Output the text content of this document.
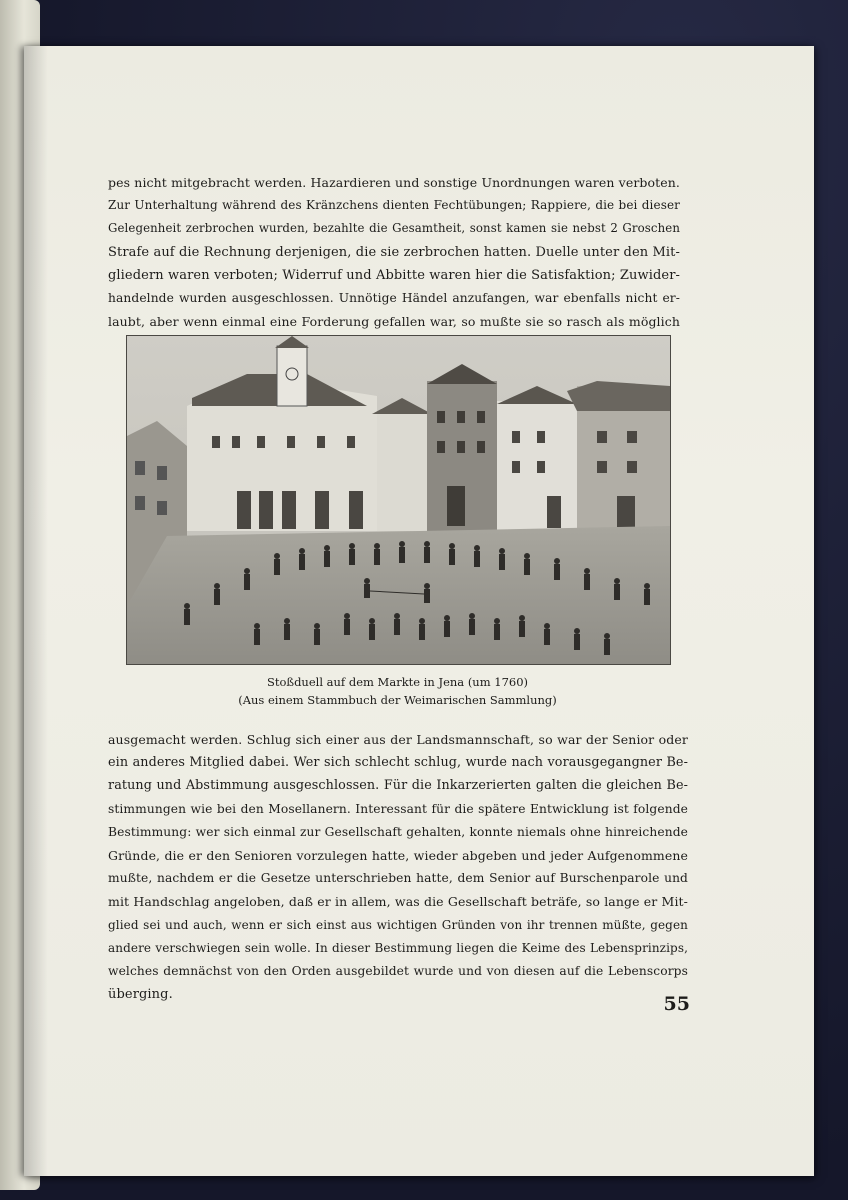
pes nicht mitgebracht werden. Hazardieren und sonstige Unordnungen waren verboten.
Zur Unterhaltung während des Kränzchens dienten Fechtübungen; Rappiere, die bei dieser
Gelegenheit zerbrochen wurden, bezahlte die Gesamtheit, sonst kamen sie nebst 2 Groschen
Strafe auf die Rechnung derjenigen, die sie zerbrochen hatten. Duelle unter den Mit-
gliedern waren verboten; Widerruf und Abbitte waren hier die Satisfaktion; Zuwider-
handelnde wurden ausgeschlossen. Unnötige Händel anzufangen, war ebenfalls nicht er-
laubt, aber wenn einmal eine Forderung gefallen war, so mußte sie so rasch als möglich
Stoßduell auf dem Markte in Jena (um 1760)
(Aus einem Stammbuch der Weimarischen Sammlung)
ausgemacht werden. Schlug sich einer aus der Landsmannschaft, so war der Senior oder
ein anderes Mitglied dabei. Wer sich schlecht schlug, wurde nach vorausgegangner Be-
ratung und Abstimmung ausgeschlossen. Für die Inkarzerierten galten die gleichen Be-
stimmungen wie bei den Mosellanern. Interessant für die spätere Entwicklung ist folgende
Bestimmung: wer sich einmal zur Gesellschaft gehalten, konnte niemals ohne hinreichende
Gründe, die er den Senioren vorzulegen hatte, wieder abgeben und jeder Aufgenommene
mußte, nachdem er die Gesetze unterschrieben hatte, dem Senior auf Burschenparole und
mit Handschlag angeloben, daß er in allem, was die Gesellschaft beträfe, so lange er Mit-
glied sei und auch, wenn er sich einst aus wichtigen Gründen von ihr trennen müßte, gegen
andere verschwiegen sein wolle. In dieser Bestimmung liegen die Keime des Lebensprinzips,
welches demnächst von den Orden ausgebildet wurde und von diesen auf die Lebenscorps
überging.	55
